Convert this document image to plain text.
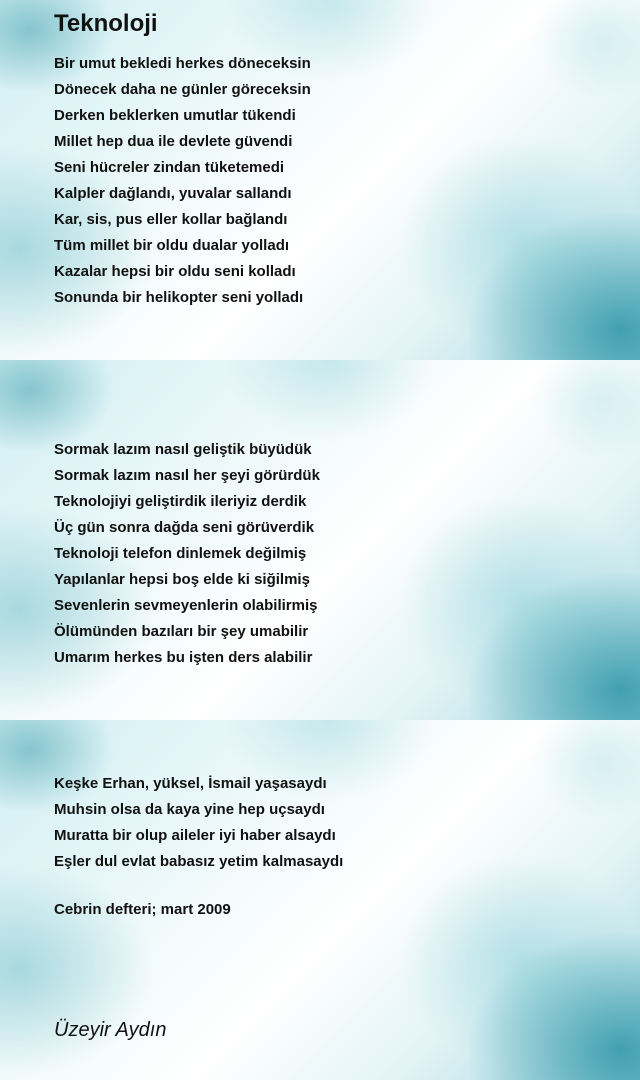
Teknoloji
Bir umut bekledi herkes döneceksin
Dönecek daha ne günler göreceksin
Derken beklerken umutlar tükendi
Millet hep dua ile devlete güvendi
Seni hücreler zindan tüketemedi
Kalpler dağlandı, yuvalar sallandı
Kar, sis, pus eller kollar bağlandı
Tüm millet bir oldu dualar yolladı
Kazalar hepsi bir oldu seni kolladı
Sonunda bir helikopter seni yolladı
Sormak lazım nasıl geliştik büyüdük
Sormak lazım nasıl her şeyi görürdük
Teknolojiyi geliştirdik ileriyiz derdik
Üç gün sonra dağda seni görüverdik
Teknoloji telefon dinlemek değilmiş
Yapılanlar hepsi boş elde ki siğilmiş
Sevenlerin sevmeyenlerin olabilirmiş
Ölümünden bazıları bir şey umabilir
Umarım herkes bu işten ders alabilir
Keşke Erhan, yüksel, İsmail yaşasaydı
Muhsin olsa da kaya yine hep uçsaydı
Muratta bir olup aileler iyi haber alsaydı
Eşler dul evlat babasız yetim kalmasaydı

Cebrin defteri; mart 2009

Üzeyir Aydın
